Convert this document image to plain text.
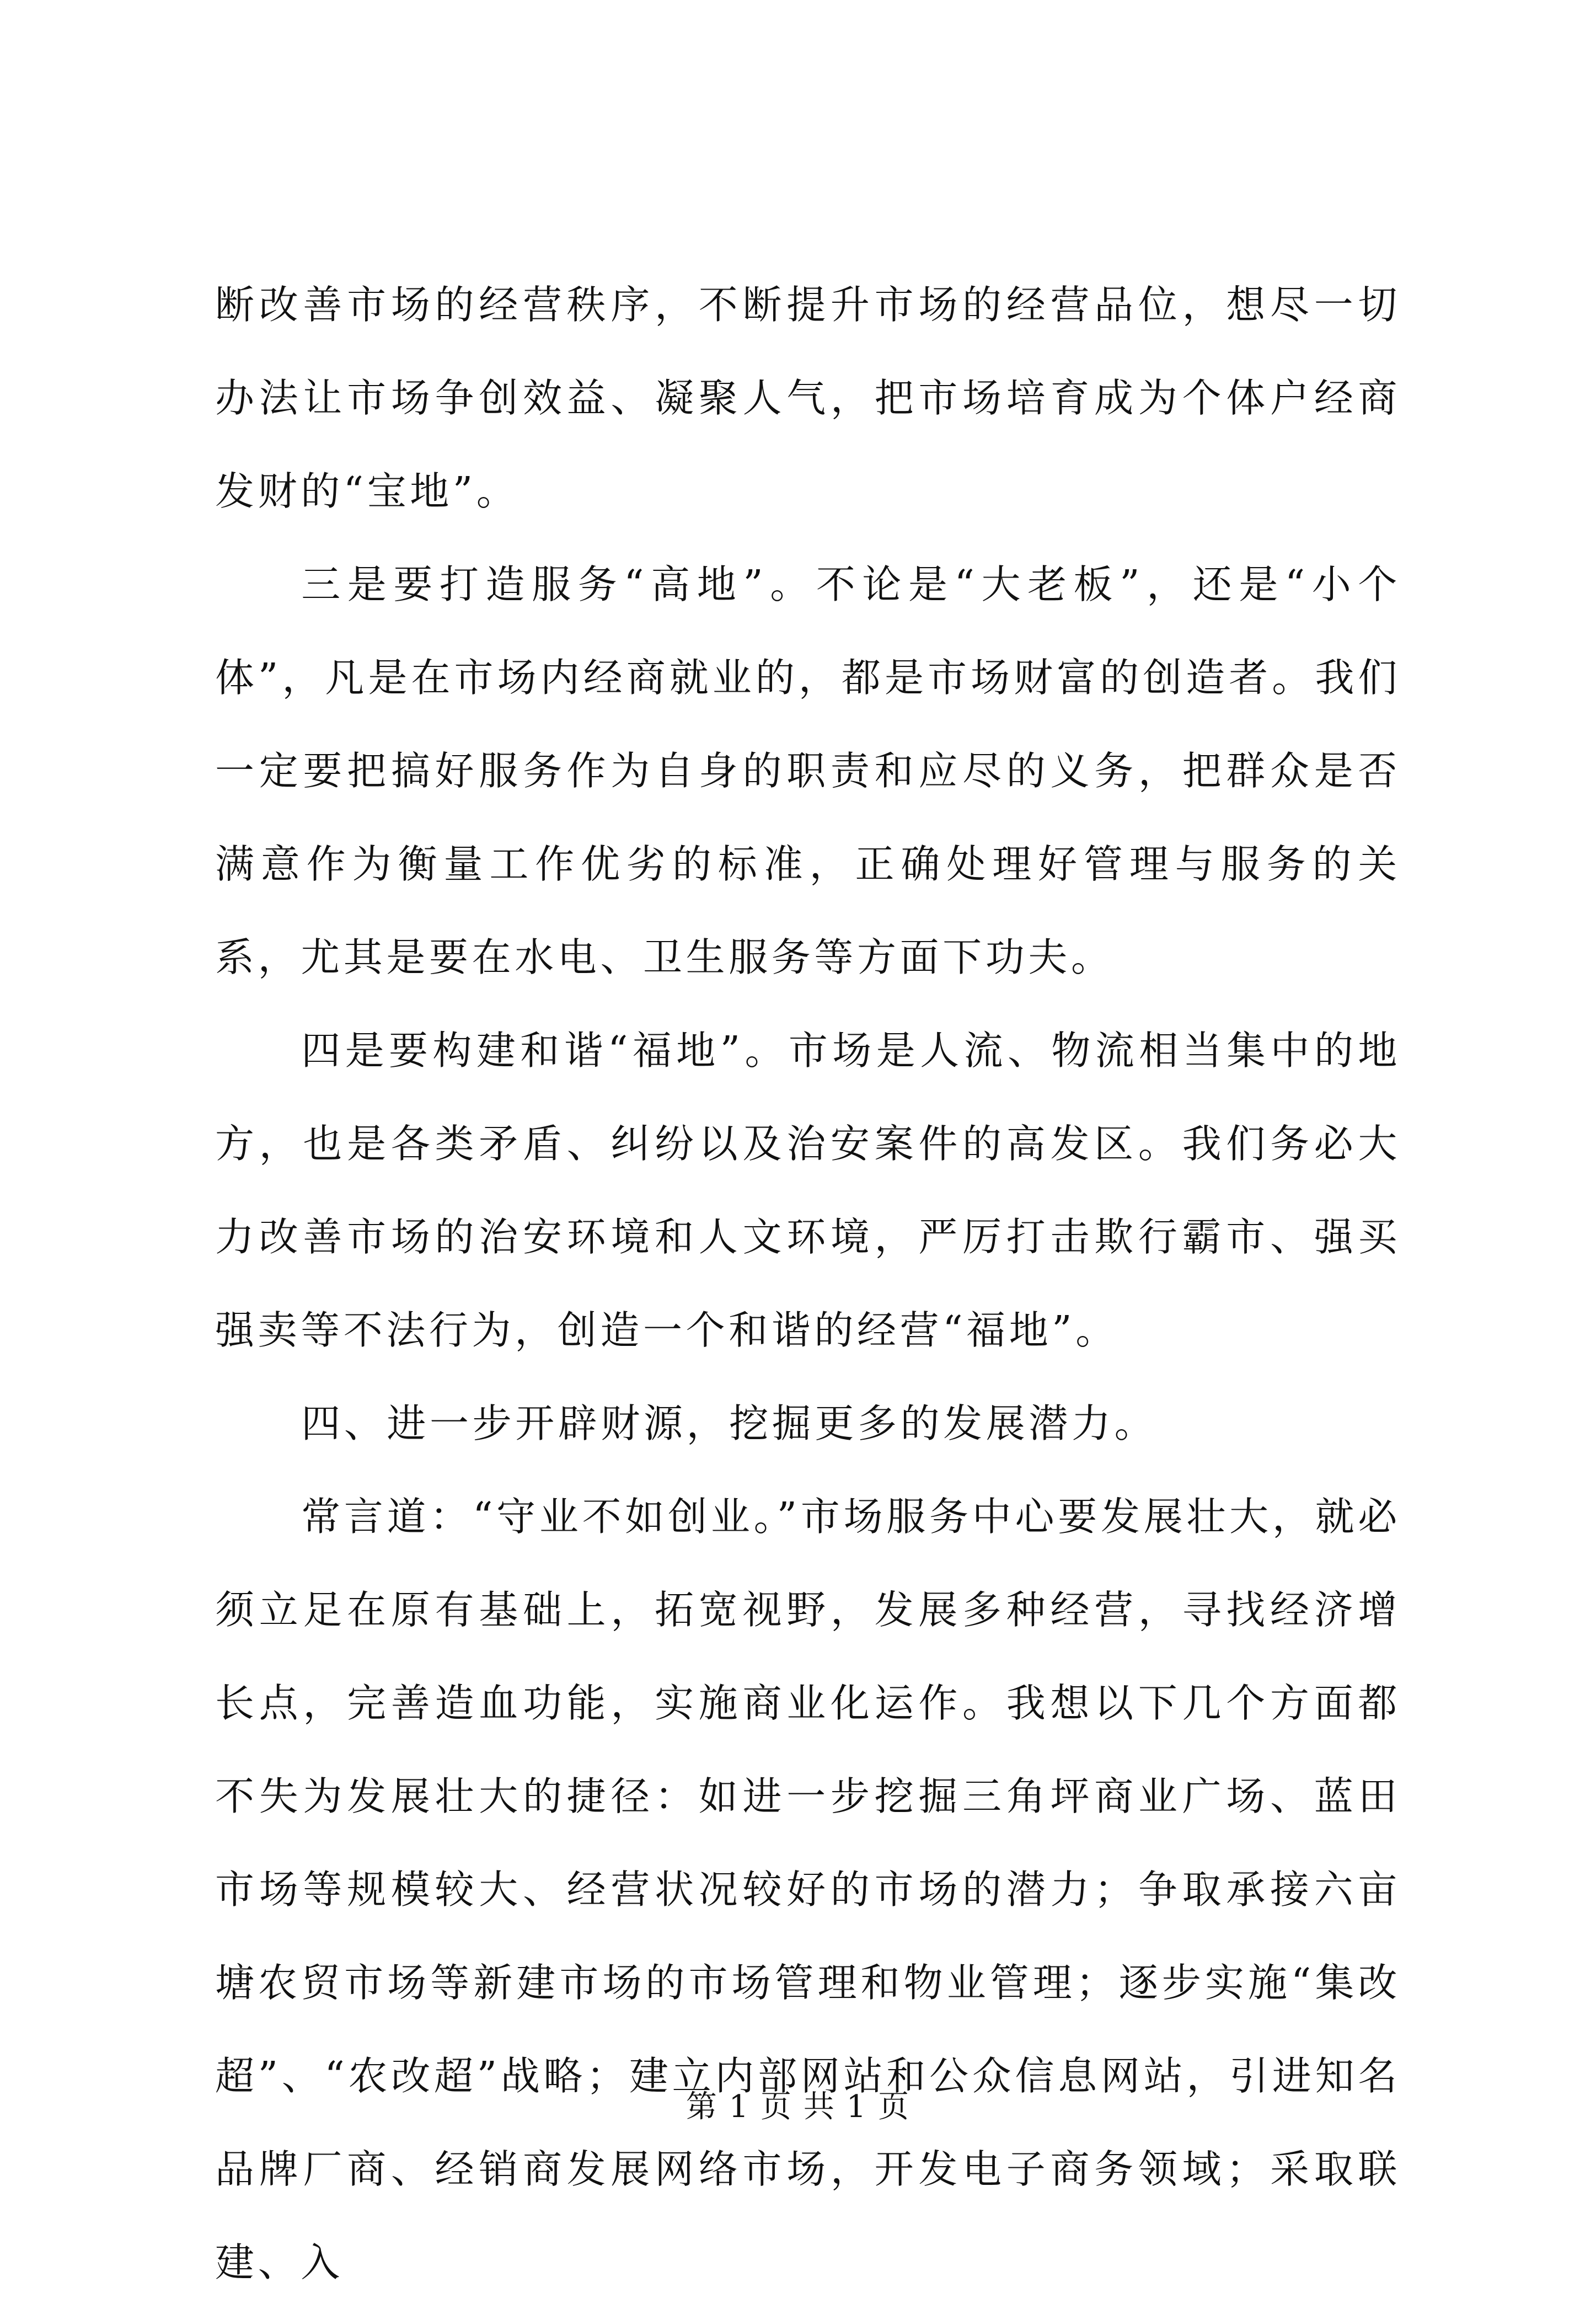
断改善市场的经营秩序，不断提升市场的经营品位，想尽一切办法让市场争创效益、凝聚人气，把市场培育成为个体户经商发财的“宝地”。

三是要打造服务“高地”。不论是“大老板”，还是“小个体”，凡是在市场内经商就业的，都是市场财富的创造者。我们一定要把搞好服务作为自身的职责和应尽的义务，把群众是否满意作为衡量工作优劣的标准，正确处理好管理与服务的关系，尤其是要在水电、卫生服务等方面下功夫。

四是要构建和谐“福地”。市场是人流、物流相当集中的地方，也是各类矛盾、纠纷以及治安案件的高发区。我们务必大力改善市场的治安环境和人文环境，严厉打击欺行霸市、强买强卖等不法行为，创造一个和谐的经营“福地”。

四、进一步开辟财源，挖掘更多的发展潜力。

常言道：“守业不如创业。”市场服务中心要发展壮大，就必须立足在原有基础上，拓宽视野，发展多种经营，寻找经济增长点，完善造血功能，实施商业化运作。我想以下几个方面都不失为发展壮大的捷径：如进一步挖掘三角坪商业广场、蓝田市场等规模较大、经营状况较好的市场的潜力；争取承接六亩塘农贸市场等新建市场的市场管理和物业管理；逐步实施“集改超”、“农改超”战略；建立内部网站和公众信息网站，引进知名品牌厂商、经销商发展网络市场，开发电子商务领域；采取联建、入

第 1 页 共 1 页
